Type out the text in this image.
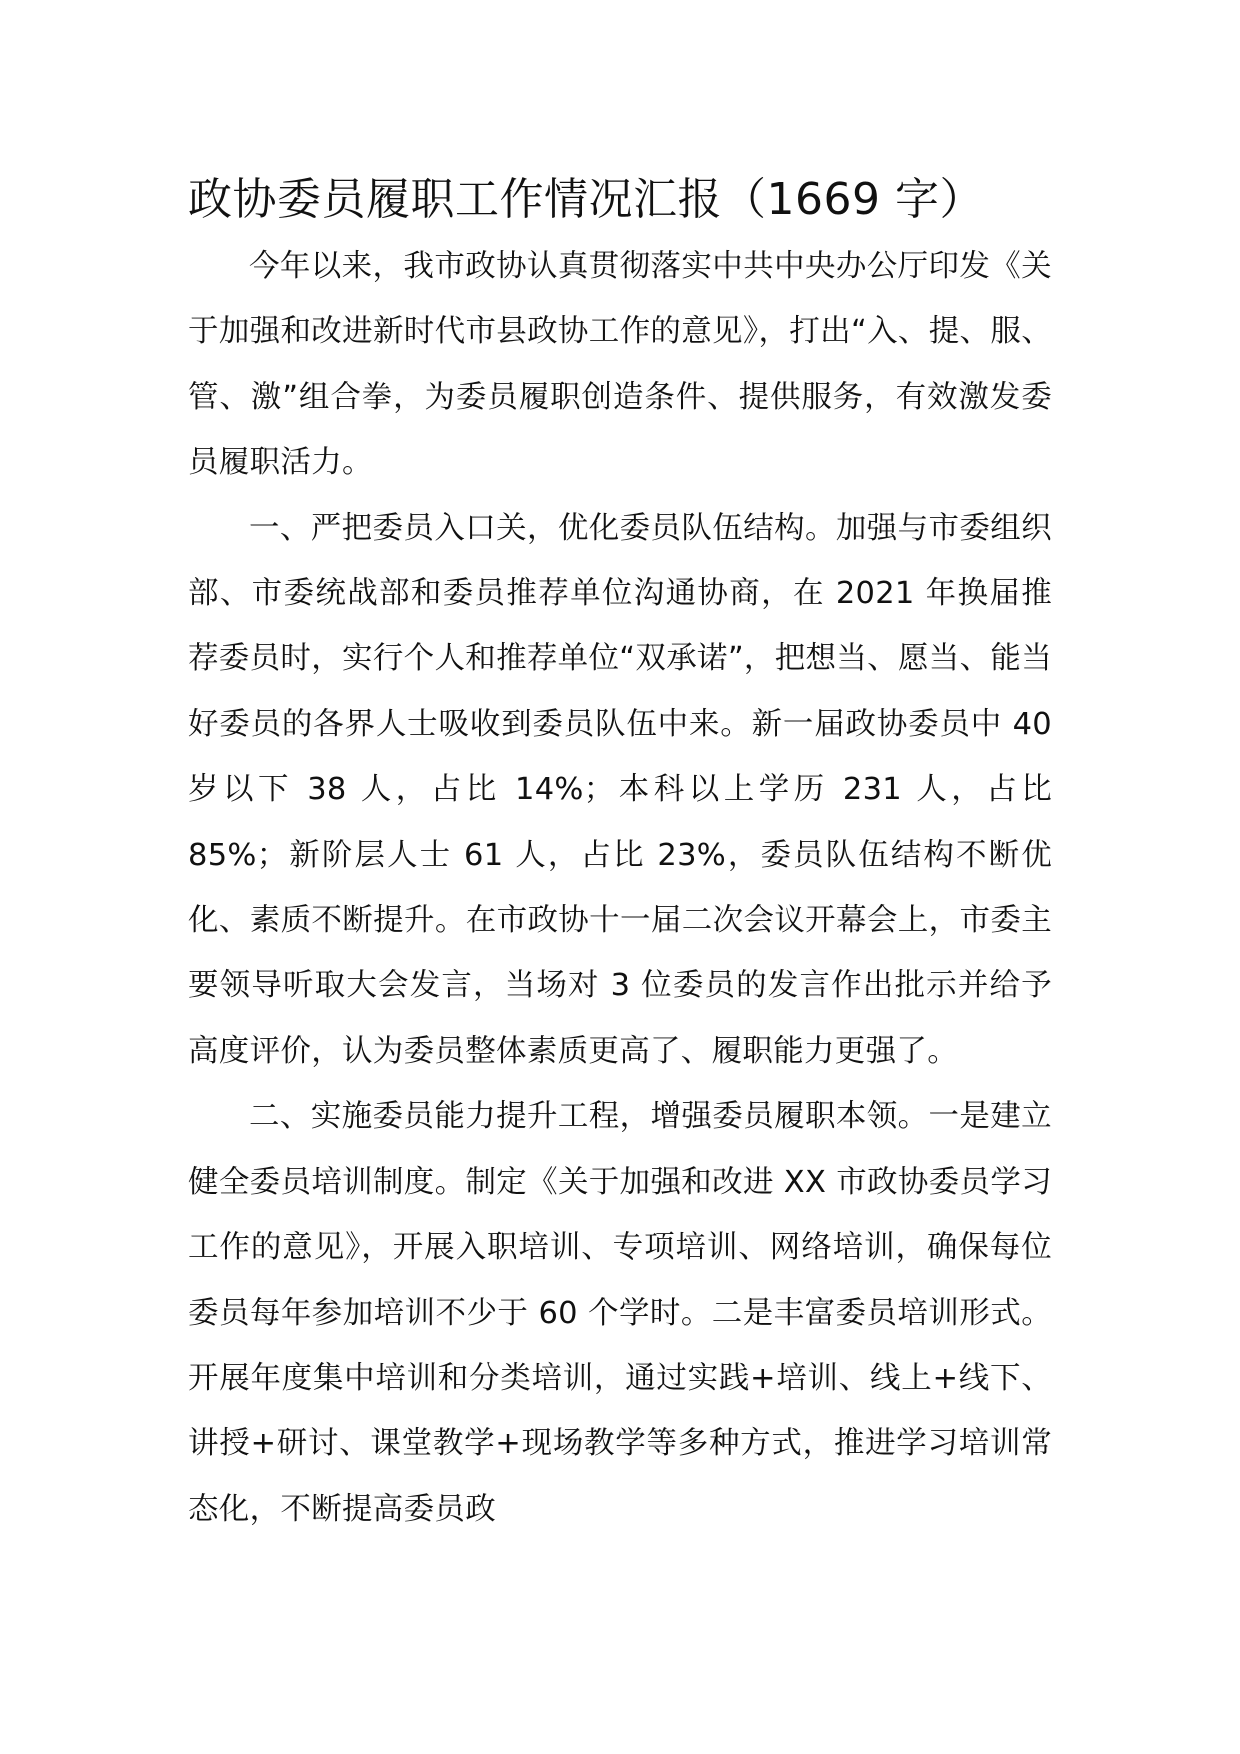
政协委员履职工作情况汇报（1669 字）

今年以来，我市政协认真贯彻落实中共中央办公厅印发《关于加强和改进新时代市县政协工作的意见》，打出“入、提、服、管、激”组合拳，为委员履职创造条件、提供服务，有效激发委员履职活力。

一、严把委员入口关，优化委员队伍结构。加强与市委组织部、市委统战部和委员推荐单位沟通协商，在 2021 年换届推荐委员时，实行个人和推荐单位“双承诺”，把想当、愿当、能当好委员的各界人士吸收到委员队伍中来。新一届政协委员中 40 岁以下 38 人，占比 14%；本科以上学历 231 人，占比 85%；新阶层人士 61 人，占比 23%，委员队伍结构不断优化、素质不断提升。在市政协十一届二次会议开幕会上，市委主要领导听取大会发言，当场对 3 位委员的发言作出批示并给予高度评价，认为委员整体素质更高了、履职能力更强了。

二、实施委员能力提升工程，增强委员履职本领。一是建立健全委员培训制度。制定《关于加强和改进 XX 市政协委员学习工作的意见》，开展入职培训、专项培训、网络培训，确保每位委员每年参加培训不少于 60 个学时。二是丰富委员培训形式。开展年度集中培训和分类培训，通过实践+培训、线上+线下、讲授+研讨、课堂教学+现场教学等多种方式，推进学习培训常态化，不断提高委员政
